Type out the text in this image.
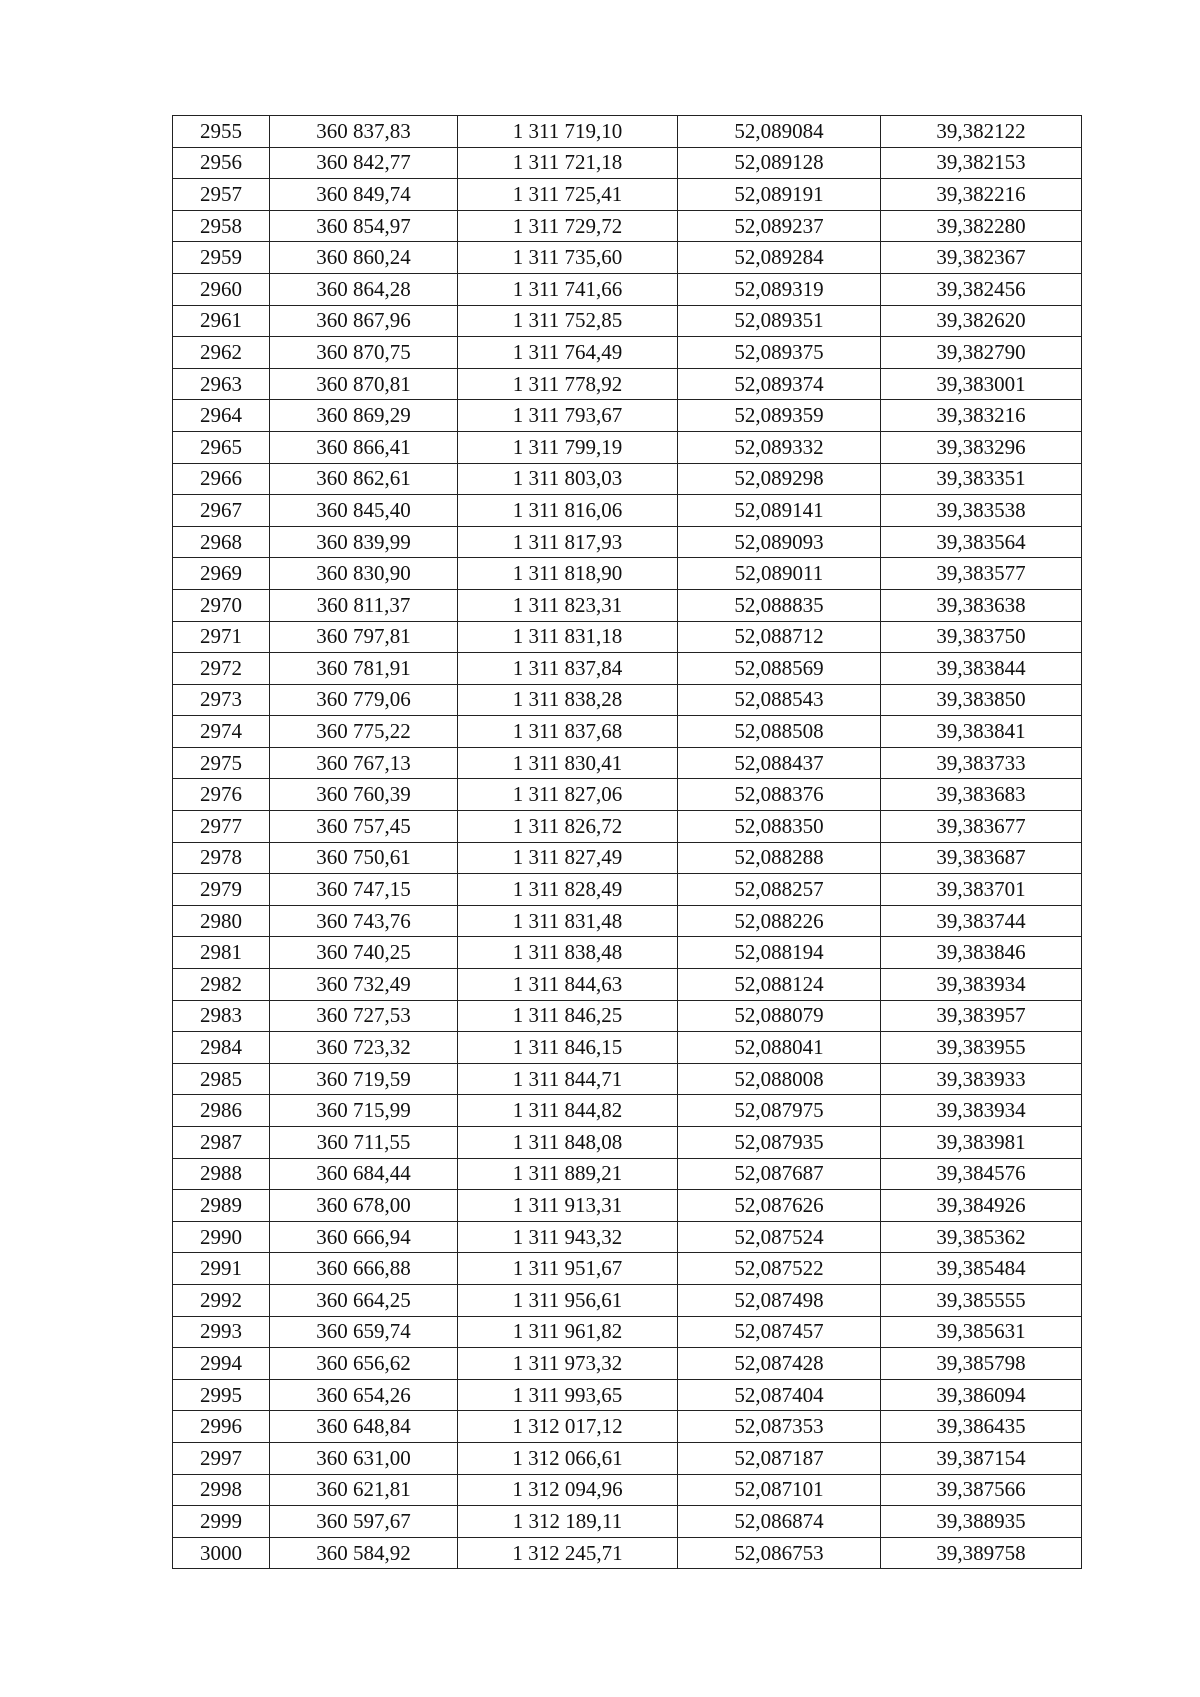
2955	360 837,83	1 311 719,10	52,089084	39,382122
2956	360 842,77	1 311 721,18	52,089128	39,382153
2957	360 849,74	1 311 725,41	52,089191	39,382216
2958	360 854,97	1 311 729,72	52,089237	39,382280
2959	360 860,24	1 311 735,60	52,089284	39,382367
2960	360 864,28	1 311 741,66	52,089319	39,382456
2961	360 867,96	1 311 752,85	52,089351	39,382620
2962	360 870,75	1 311 764,49	52,089375	39,382790
2963	360 870,81	1 311 778,92	52,089374	39,383001
2964	360 869,29	1 311 793,67	52,089359	39,383216
2965	360 866,41	1 311 799,19	52,089332	39,383296
2966	360 862,61	1 311 803,03	52,089298	39,383351
2967	360 845,40	1 311 816,06	52,089141	39,383538
2968	360 839,99	1 311 817,93	52,089093	39,383564
2969	360 830,90	1 311 818,90	52,089011	39,383577
2970	360 811,37	1 311 823,31	52,088835	39,383638
2971	360 797,81	1 311 831,18	52,088712	39,383750
2972	360 781,91	1 311 837,84	52,088569	39,383844
2973	360 779,06	1 311 838,28	52,088543	39,383850
2974	360 775,22	1 311 837,68	52,088508	39,383841
2975	360 767,13	1 311 830,41	52,088437	39,383733
2976	360 760,39	1 311 827,06	52,088376	39,383683
2977	360 757,45	1 311 826,72	52,088350	39,383677
2978	360 750,61	1 311 827,49	52,088288	39,383687
2979	360 747,15	1 311 828,49	52,088257	39,383701
2980	360 743,76	1 311 831,48	52,088226	39,383744
2981	360 740,25	1 311 838,48	52,088194	39,383846
2982	360 732,49	1 311 844,63	52,088124	39,383934
2983	360 727,53	1 311 846,25	52,088079	39,383957
2984	360 723,32	1 311 846,15	52,088041	39,383955
2985	360 719,59	1 311 844,71	52,088008	39,383933
2986	360 715,99	1 311 844,82	52,087975	39,383934
2987	360 711,55	1 311 848,08	52,087935	39,383981
2988	360 684,44	1 311 889,21	52,087687	39,384576
2989	360 678,00	1 311 913,31	52,087626	39,384926
2990	360 666,94	1 311 943,32	52,087524	39,385362
2991	360 666,88	1 311 951,67	52,087522	39,385484
2992	360 664,25	1 311 956,61	52,087498	39,385555
2993	360 659,74	1 311 961,82	52,087457	39,385631
2994	360 656,62	1 311 973,32	52,087428	39,385798
2995	360 654,26	1 311 993,65	52,087404	39,386094
2996	360 648,84	1 312 017,12	52,087353	39,386435
2997	360 631,00	1 312 066,61	52,087187	39,387154
2998	360 621,81	1 312 094,96	52,087101	39,387566
2999	360 597,67	1 312 189,11	52,086874	39,388935
3000	360 584,92	1 312 245,71	52,086753	39,389758
